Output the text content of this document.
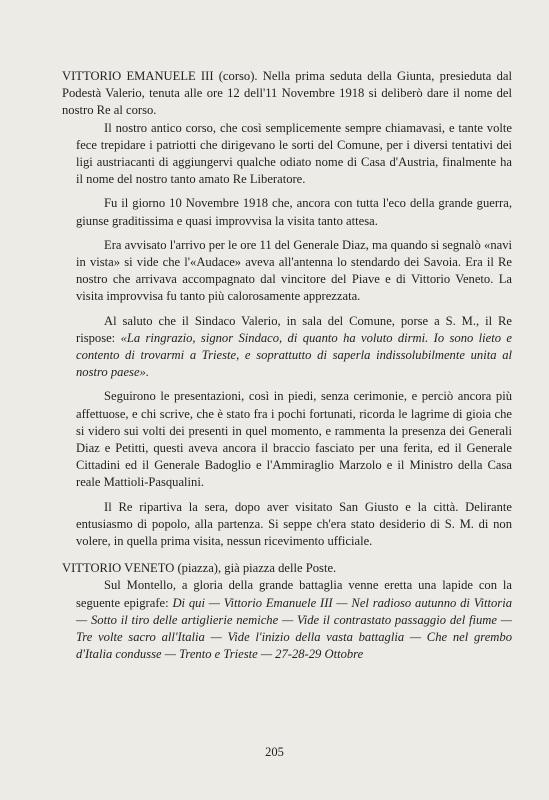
VITTORIO EMANUELE III (corso). Nella prima seduta della Giunta, presieduta dal Podestà Valerio, tenuta alle ore 12 dell'11 Novembre 1918 si deliberò dare il nome del nostro Re al corso.

Il nostro antico corso, che così semplicemente sempre chiamavasi, e tante volte fece trepidare i patriotti che dirigevano le sorti del Comune, per i diversi tentativi dei ligi austriacanti di aggiungervi qualche odiato nome di Casa d'Austria, finalmente ha il nome del nostro tanto amato Re Liberatore.

Fu il giorno 10 Novembre 1918 che, ancora con tutta l'eco della grande guerra, giunse graditissima e quasi improvvisa la visita tanto attesa.

Era avvisato l'arrivo per le ore 11 del Generale Diaz, ma quando si segnalò «navi in vista» si vide che l'«Audace» aveva all'antenna lo stendardo dei Savoia. Era il Re nostro che arrivava accompagnato dal vincitore del Piave e di Vittorio Veneto. La visita improvvisa fu tanto più calorosamente apprezzata.

Al saluto che il Sindaco Valerio, in sala del Comune, porse a S. M., il Re rispose: «La ringrazio, signor Sindaco, di quanto ha voluto dirmi. Io sono lieto e contento di trovarmi a Trieste, e soprattutto di saperla indissolubilmente unita al nostro paese».

Seguirono le presentazioni, così in piedi, senza cerimonie, e perciò ancora più affettuose, e chi scrive, che è stato fra i pochi fortunati, ricorda le lagrime di gioia che si videro sui volti dei presenti in quel momento, e rammenta la presenza dei Generali Diaz e Petitti, questi aveva ancora il braccio fasciato per una ferita, ed il Generale Cittadini ed il Generale Badoglio e l'Ammiraglio Marzolo e il Ministro della Casa reale Mattioli-Pasqualini.

Il Re ripartiva la sera, dopo aver visitato San Giusto e la città. Delirante entusiasmo di popolo, alla partenza. Si seppe ch'era stato desiderio di S. M. di non volere, in quella prima visita, nessun ricevimento ufficiale.

VITTORIO VENETO (piazza), già piazza delle Poste.

Sul Montello, a gloria della grande battaglia venne eretta una lapide con la seguente epigrafe: Di qui — Vittorio Emanuele III — Nel radioso autunno di Vittoria — Sotto il tiro delle artiglierie nemiche — Vide il contrastato passaggio del fiume — Tre volte sacro all'Italia — Vide l'inizio della vasta battaglia — Che nel grembo d'Italia condusse — Trento e Trieste — 27-28-29 Ottobre

205
